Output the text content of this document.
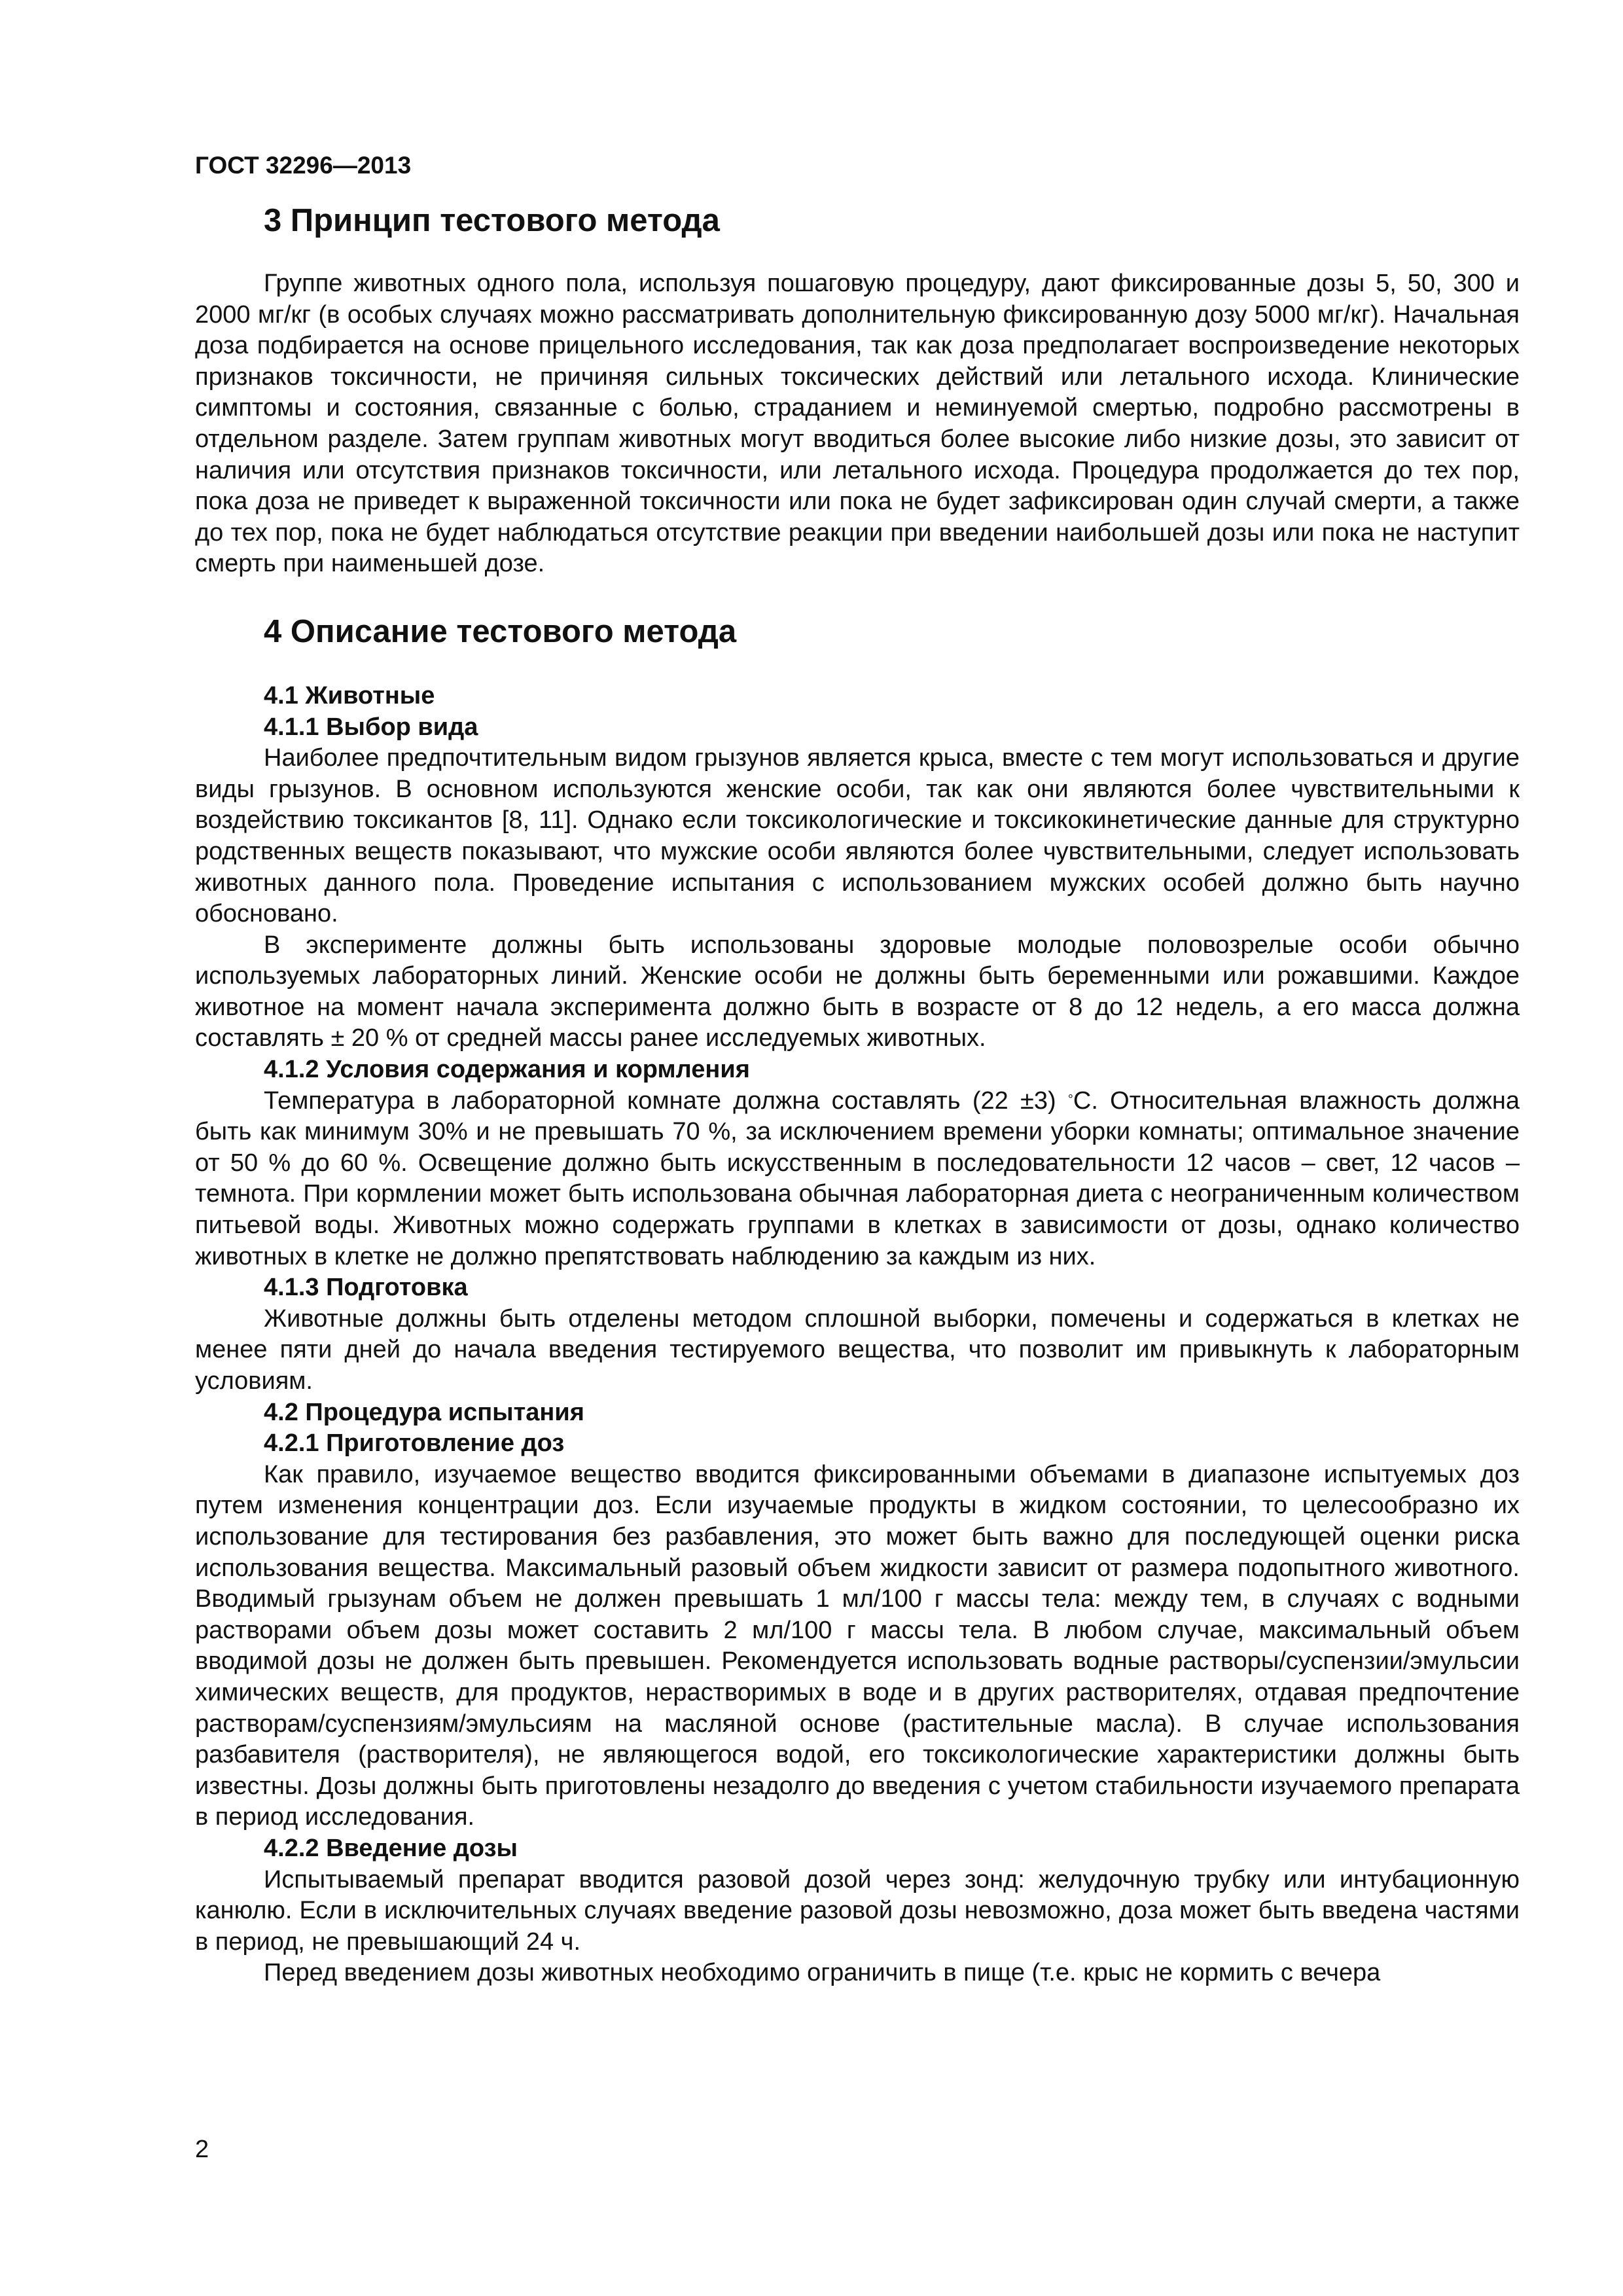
ГОСТ 32296—2013
3 Принцип тестового метода

Группе животных одного пола, используя пошаговую процедуру, дают фиксированные дозы 5, 50, 300 и 2000 мг/кг (в особых случаях можно рассматривать дополнительную фиксированную дозу 5000 мг/кг). Начальная доза подбирается на основе прицельного исследования, так как доза предполагает воспроизведение некоторых признаков токсичности, не причиняя сильных токсических действий или летального исхода. Клинические симптомы и состояния, связанные с болью, страданием и неминуемой смертью, подробно рассмотрены в отдельном разделе. Затем группам животных могут вводиться более высокие либо низкие дозы, это зависит от наличия или отсутствия признаков токсичности, или летального исхода. Процедура продолжается до тех пор, пока доза не приведет к выраженной токсичности или пока не будет зафиксирован один случай смерти, а также до тех пор, пока не будет наблюдаться отсутствие реакции при введении наибольшей дозы или пока не наступит смерть при наименьшей дозе.

4 Описание тестового метода
4.1 Животные
4.1.1 Выбор вида

Наиболее предпочтительным видом грызунов является крыса, вместе с тем могут использоваться и другие виды грызунов. В основном используются женские особи, так как они являются более чувствительными к воздействию токсикантов [8, 11]. Однако если токсикологические и токсикокинетические данные для структурно родственных веществ показывают, что мужские особи являются более чувствительными, следует использовать животных данного пола. Проведение испытания с использованием мужских особей должно быть научно обосновано.

В эксперименте должны быть использованы здоровые молодые половозрелые особи обычно используемых лабораторных линий. Женские особи не должны быть беременными или рожавшими. Каждое животное на момент начала эксперимента должно быть в возрасте от 8 до 12 недель, а его масса должна составлять ± 20 % от средней массы ранее исследуемых животных.

4.1.2 Условия содержания и кормления

Температура в лабораторной комнате должна составлять (22 ±3) °С. Относительная влажность должна быть как минимум 30% и не превышать 70 %, за исключением времени уборки комнаты; оптимальное значение от 50 % до 60 %. Освещение должно быть искусственным в последовательности 12 часов – свет, 12 часов – темнота. При кормлении может быть использована обычная лабораторная диета с неограниченным количеством питьевой воды. Животных можно содержать группами в клетках в зависимости от дозы, однако количество животных в клетке не должно препятствовать наблюдению за каждым из них.

4.1.3 Подготовка

Животные должны быть отделены методом сплошной выборки, помечены и содержаться в клетках не менее пяти дней до начала введения тестируемого вещества, что позволит им привыкнуть к лабораторным условиям.

4.2 Процедура испытания
4.2.1 Приготовление доз

Как правило, изучаемое вещество вводится фиксированными объемами в диапазоне испытуемых доз путем изменения концентрации доз. Если изучаемые продукты в жидком состоянии, то целесообразно их использование для тестирования без разбавления, это может быть важно для последующей оценки риска использования вещества. Максимальный разовый объем жидкости зависит от размера подопытного животного. Вводимый грызунам объем не должен превышать 1 мл/100 г массы тела: между тем, в случаях с водными растворами объем дозы может составить 2 мл/100 г массы тела. В любом случае, максимальный объем вводимой дозы не должен быть превышен. Рекомендуется использовать водные растворы/суспензии/эмульсии химических веществ, для продуктов, нерастворимых в воде и в других растворителях, отдавая предпочтение растворам/суспензиям/эмульсиям на масляной основе (растительные масла). В случае использования разбавителя (растворителя), не являющегося водой, его токсикологические характеристики должны быть известны. Дозы должны быть приготовлены незадолго до введения с учетом стабильности изучаемого препарата в период исследования.

4.2.2 Введение дозы

Испытываемый препарат вводится разовой дозой через зонд: желудочную трубку или интубационную канюлю. Если в исключительных случаях введение разовой дозы невозможно, доза может быть введена частями в период, не превышающий 24 ч.

Перед введением дозы животных необходимо ограничить в пище (т.е. крыс не кормить с вечера

2
